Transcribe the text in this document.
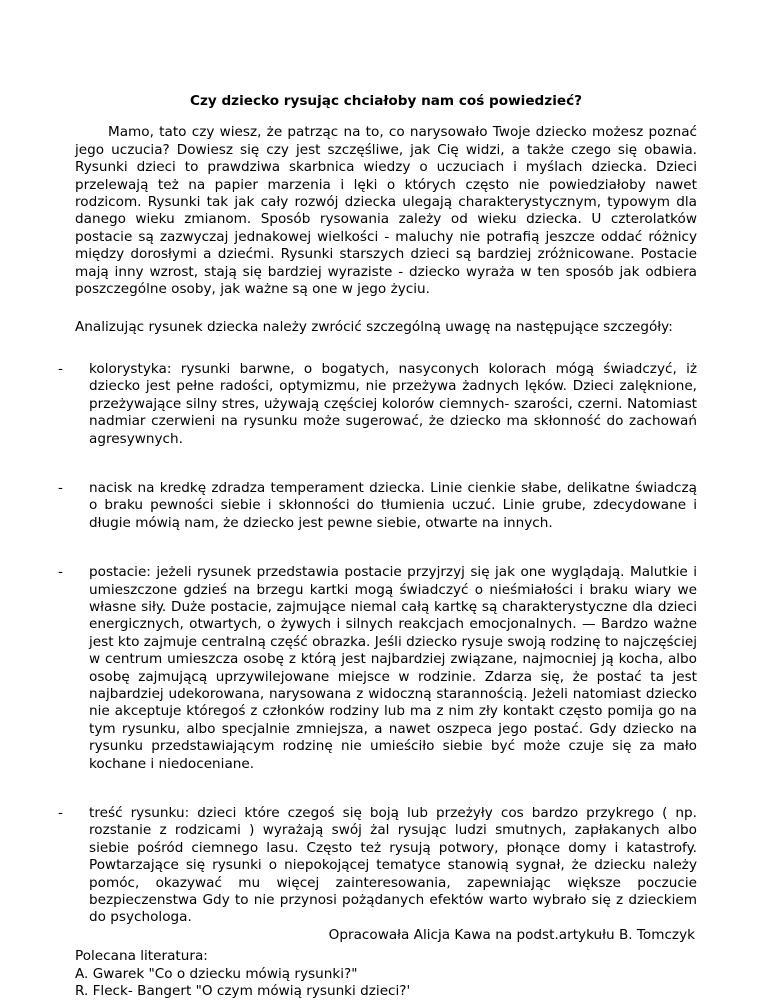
Czy dziecko rysując chciałoby nam coś powiedzieć?

Mamo, tato czy wiesz, że patrząc na to, co narysowało Twoje dziecko możesz poznać jego uczucia? Dowiesz się czy jest szczęśliwe, jak Cię widzi, a także czego się obawia. Rysunki dzieci to prawdziwa skarbnica wiedzy o uczuciach i myślach dziecka. Dzieci przelewają też na papier marzenia i lęki o których często nie powiedziałoby nawet rodzicom. Rysunki tak jak cały rozwój dziecka ulegają charakterystycznym, typowym dla danego wieku zmianom. Sposób rysowania zależy od wieku dziecka. U czterolatków postacie są zazwyczaj jednakowej wielkości - maluchy nie potrafią jeszcze oddać różnicy między dorosłymi a dziećmi. Rysunki starszych dzieci są bardziej zróżnicowane. Postacie mają inny wzrost, stają się bardziej wyraziste - dziecko wyraża w ten sposób jak odbiera poszczególne osoby, jak ważne są one w jego życiu.

Analizując rysunek dziecka należy zwrócić szczególną uwagę na następujące szczegóły:

- kolorystyka: rysunki barwne, o bogatych, nasyconych kolorach mógą świadczyć, iż dziecko jest pełne radości, optymizmu, nie przeżywa żadnych lęków. Dzieci zalęknione, przeżywające silny stres, używają częściej kolorów ciemnych- szarości, czerni. Natomiast nadmiar czerwieni na rysunku może sugerować, że dziecko ma skłonność do zachowań agresywnych.
- nacisk na kredkę zdradza temperament dziecka. Linie cienkie słabe, delikatne świadczą o braku pewności siebie i skłonności do tłumienia uczuć. Linie grube, zdecydowane i długie mówią nam, że dziecko jest pewne siebie, otwarte na innych.
- postacie: jeżeli rysunek przedstawia postacie przyjrzyj się jak one wyglądają. Malutkie i umieszczone gdzieś na brzegu kartki mogą świadczyć o nieśmiałości i braku wiary we własne siły. Duże postacie, zajmujące niemal całą kartkę są charakterystyczne dla dzieci energicznych, otwartych, o żywych i silnych reakcjach emocjonalnych. — Bardzo ważne jest kto zajmuje centralną część obrazka. Jeśli dziecko rysuje swoją rodzinę to najczęściej w centrum umieszcza osobę z którą jest najbardziej związane, najmocniej ją kocha, albo osobę zajmującą uprzywilejowane miejsce w rodzinie. Zdarza się, że postać ta jest najbardziej udekorowana, narysowana z widoczną starannością. Jeżeli natomiast dziecko nie akceptuje któregoś z członków rodziny lub ma z nim zły kontakt często pomija go na tym rysunku, albo specjalnie zmniejsza, a nawet oszpeca jego postać. Gdy dziecko na rysunku przedstawiającym rodzinę nie umieściło siebie być może czuje się za mało kochane i niedoceniane.
- treść rysunku: dzieci które czegoś się boją lub przeżyły cos bardzo przykrego ( np. rozstanie z rodzicami ) wyrażają swój żal rysując ludzi smutnych, zapłakanych albo siebie pośród ciemnego lasu. Często też rysują potwory, płonące domy i katastrofy. Powtarzające się rysunki o niepokojącej tematyce stanowią sygnał, że dziecku należy pomóc, okazywać mu więcej zainteresowania, zapewniając większe poczucie bezpieczenstwa Gdy to nie przynosi pożądanych efektów warto wybrało się z dzieckiem do psychologa.
Opracowała Alicja Kawa na podst.artykułu B. Tomczyk
Polecana literatura:
A. Gwarek "Co o dziecku mówią rysunki?"
R. Fleck- Bangert "O czym mówią rysunki dzieci?'
